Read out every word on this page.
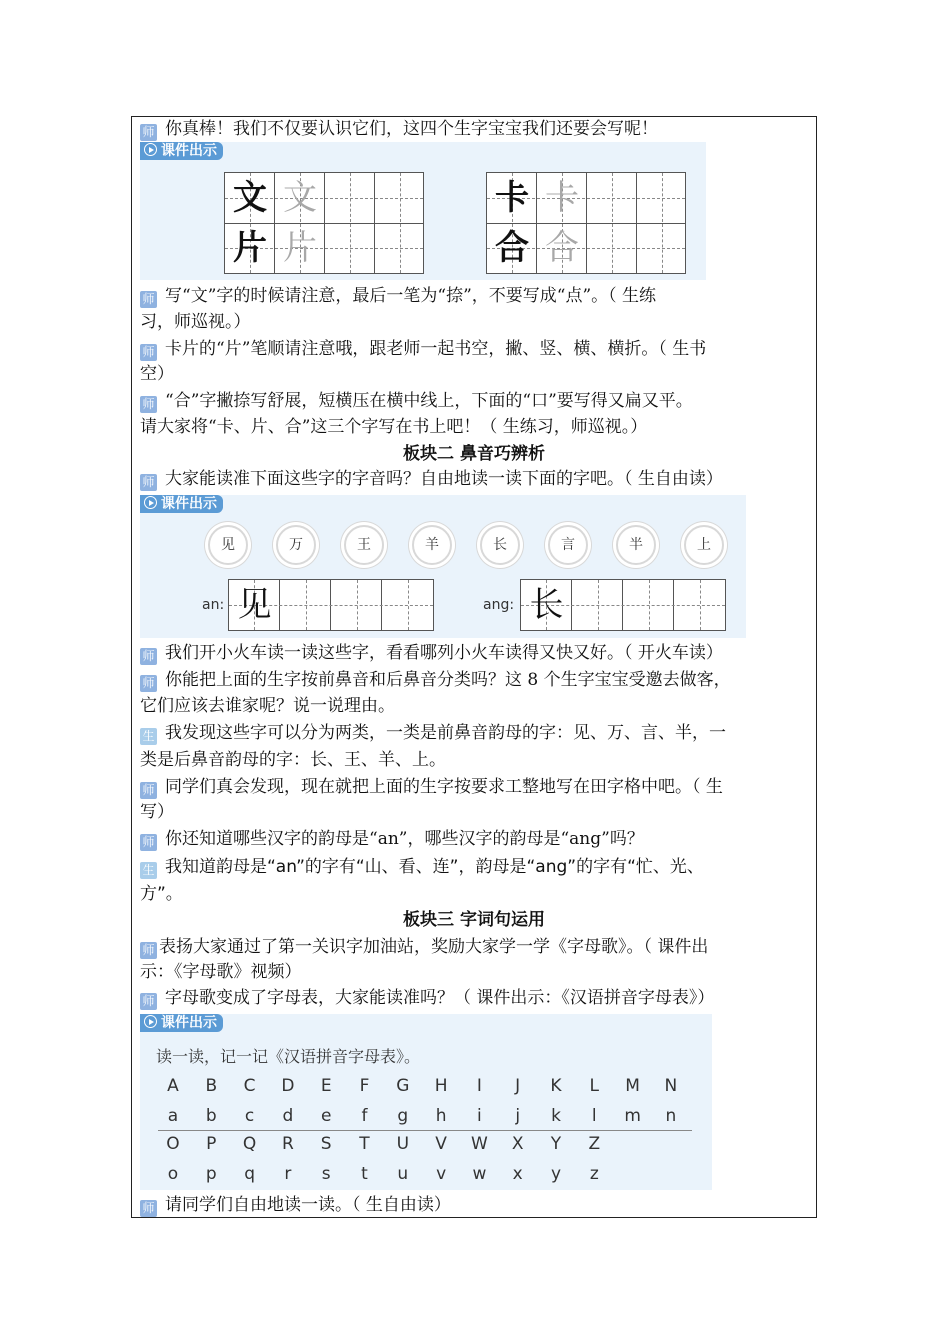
师 你真棒！我们不仅要认识它们，这四个生字宝宝我们还要会写呢！
课件出示
文 文
片 片
卡 卡
合 合
师 写“文”字的时候请注意，最后一笔为“捺”，不要写成“点”。（ 生练
习，师巡视。）
师 卡片的“片”笔顺请注意哦，跟老师一起书空，撇、竖、横、横折。（ 生书
空）
师 “合”字撇捺写舒展，短横压在横中线上，下面的“口”要写得又扁又平。
请大家将“卡、片、合”这三个字写在书上吧！（ 生练习，师巡视。）
板块二 鼻音巧辨析
师 大家能读准下面这些字的字音吗？自由地读一读下面的字吧。（ 生自由读）
课件出示
见	万	王	羊	长	言	半	上
an: 见	ang: 长
师 我们开小火车读一读这些字，看看哪列小火车读得又快又好。（ 开火车读）
师 你能把上面的生字按前鼻音和后鼻音分类吗？这 8 个生字宝宝受邀去做客，
它们应该去谁家呢？说一说理由。
生 我发现这些字可以分为两类，一类是前鼻音韵母的字：见、万、言、半，一
类是后鼻音韵母的字：长、王、羊、上。
师 同学们真会发现，现在就把上面的生字按要求工整地写在田字格中吧。（ 生
写）
师 你还知道哪些汉字的韵母是“an”，哪些汉字的韵母是“ang”吗？
生 我知道韵母是“an”的字有“山、看、连”，韵母是“ang”的字有“忙、光、
方”。
板块三 字词句运用
师 表扬大家通过了第一关识字加油站，奖励大家学一学《字母歌》。（ 课件出
示：《字母歌》视频）
师 字母歌变成了字母表，大家能读准吗？（ 课件出示：《汉语拼音字母表》）
课件出示
读一读，记一记《汉语拼音字母表》。
A	B	C	D	E	F	G	H	I	J	K	L	M	N
a	b	c	d	e	f	g	h	i	j	k	l	m	n
O	P	Q	R	S	T	U	V	W	X	Y	Z
o	p	q	r	s	t	u	v	w	x	y	z
师 请同学们自由地读一读。（ 生自由读）
